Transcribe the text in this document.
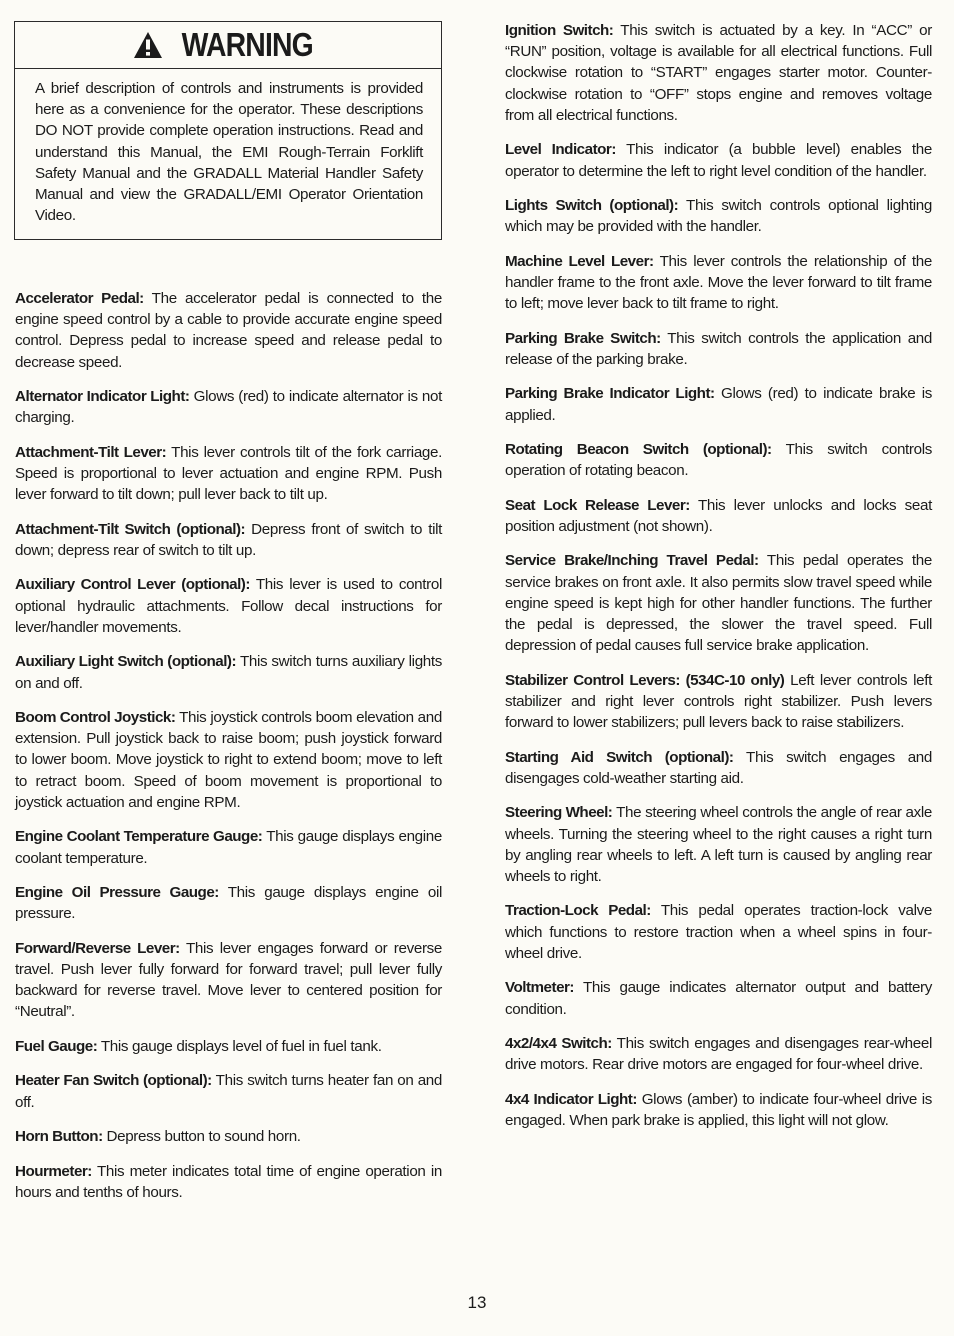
WARNING
A brief description of controls and instruments is provided here as a convenience for the operator. These descriptions DO NOT provide complete operation instructions. Read and understand this Manual, the EMI Rough-Terrain Forklift Safety Manual and the GRADALL Material Handler Safety Manual and view the GRADALL/EMI Operator Orientation Video.

Accelerator Pedal: The accelerator pedal is connected to the engine speed control by a cable to provide accurate engine speed control. Depress pedal to increase speed and release pedal to decrease speed.

Alternator Indicator Light: Glows (red) to indicate alternator is not charging.

Attachment-Tilt Lever: This lever controls tilt of the fork carriage. Speed is proportional to lever actuation and engine RPM. Push lever forward to tilt down; pull lever back to tilt up.

Attachment-Tilt Switch (optional): Depress front of switch to tilt down; depress rear of switch to tilt up.

Auxiliary Control Lever (optional): This lever is used to control optional hydraulic attachments. Follow decal instructions for lever/handler movements.

Auxiliary Light Switch (optional): This switch turns auxiliary lights on and off.

Boom Control Joystick: This joystick controls boom elevation and extension. Pull joystick back to raise boom; push joystick forward to lower boom. Move joystick to right to extend boom; move to left to retract boom. Speed of boom movement is proportional to joystick actuation and engine RPM.

Engine Coolant Temperature Gauge: This gauge displays engine coolant temperature.

Engine Oil Pressure Gauge: This gauge displays engine oil pressure.

Forward/Reverse Lever: This lever engages forward or reverse travel. Push lever fully forward for forward travel; pull lever fully backward for reverse travel. Move lever to centered position for “Neutral”.

Fuel Gauge: This gauge displays level of fuel in fuel tank.

Heater Fan Switch (optional): This switch turns heater fan on and off.

Horn Button: Depress button to sound horn.

Hourmeter: This meter indicates total time of engine operation in hours and tenths of hours.

Ignition Switch: This switch is actuated by a key. In “ACC” or “RUN” position, voltage is available for all electrical functions. Full clockwise rotation to “START” engages starter motor. Counter-clockwise rotation to “OFF” stops engine and removes voltage from all electrical functions.

Level Indicator: This indicator (a bubble level) enables the operator to determine the left to right level condition of the handler.

Lights Switch (optional): This switch controls optional lighting which may be provided with the handler.

Machine Level Lever: This lever controls the relationship of the handler frame to the front axle. Move the lever forward to tilt frame to left; move lever back to tilt frame to right.

Parking Brake Switch: This switch controls the application and release of the parking brake.

Parking Brake Indicator Light: Glows (red) to indicate brake is applied.

Rotating Beacon Switch (optional): This switch controls operation of rotating beacon.

Seat Lock Release Lever: This lever unlocks and locks seat position adjustment (not shown).

Service Brake/Inching Travel Pedal: This pedal operates the service brakes on front axle. It also permits slow travel speed while engine speed is kept high for other handler functions. The further the pedal is depressed, the slower the travel speed. Full depression of pedal causes full service brake application.

Stabilizer Control Levers: (534C-10 only) Left lever controls left stabilizer and right lever controls right stabilizer. Push levers forward to lower stabilizers; pull levers back to raise stabilizers.

Starting Aid Switch (optional): This switch engages and disengages cold-weather starting aid.

Steering Wheel: The steering wheel controls the angle of rear axle wheels. Turning the steering wheel to the right causes a right turn by angling rear wheels to left. A left turn is caused by angling rear wheels to right.

Traction-Lock Pedal: This pedal operates traction-lock valve which functions to restore traction when a wheel spins in four-wheel drive.

Voltmeter: This gauge indicates alternator output and battery condition.

4x2/4x4 Switch: This switch engages and disengages rear-wheel drive motors. Rear drive motors are engaged for four-wheel drive.

4x4 Indicator Light: Glows (amber) to indicate four-wheel drive is engaged. When park brake is applied, this light will not glow.

13
